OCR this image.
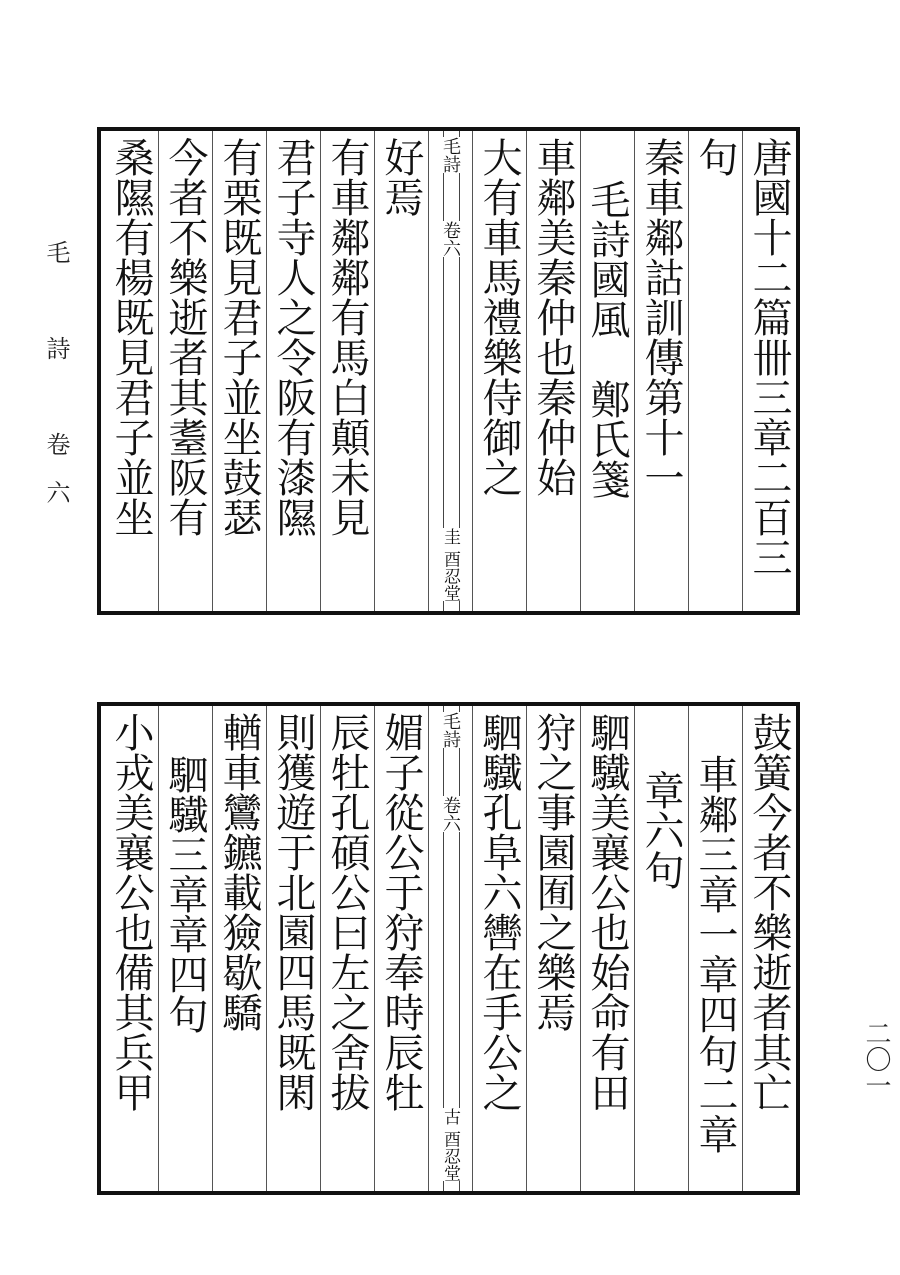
毛　詩　卷六
二〇一
唐國十二篇卌三章二百三
句
秦車鄰詁訓傳第十一
毛詩國風　鄭氏箋
車鄰美秦仲也秦仲始
大有車馬禮樂侍御之
毛詩
卷六
圭 酉忍堂
好焉
有車鄰鄰有馬白顛未見
君子寺人之令阪有漆隰
有栗既見君子並坐鼓瑟
今者不樂逝者其耋阪有
桑隰有楊既見君子並坐
鼓簧今者不樂逝者其亡
車鄰三章一章四句二章
章六句
駟驖美襄公也始命有田
狩之事園囿之樂焉
駟驖孔阜六轡在手公之
毛詩
卷六
古 酉忍堂
媚子從公于狩奉時辰牡
辰牡孔碩公曰左之舍拔
則獲遊于北園四馬既閑
輶車鸞鑣載獫歇驕
駟驖三章章四句
小戎美襄公也備其兵甲
